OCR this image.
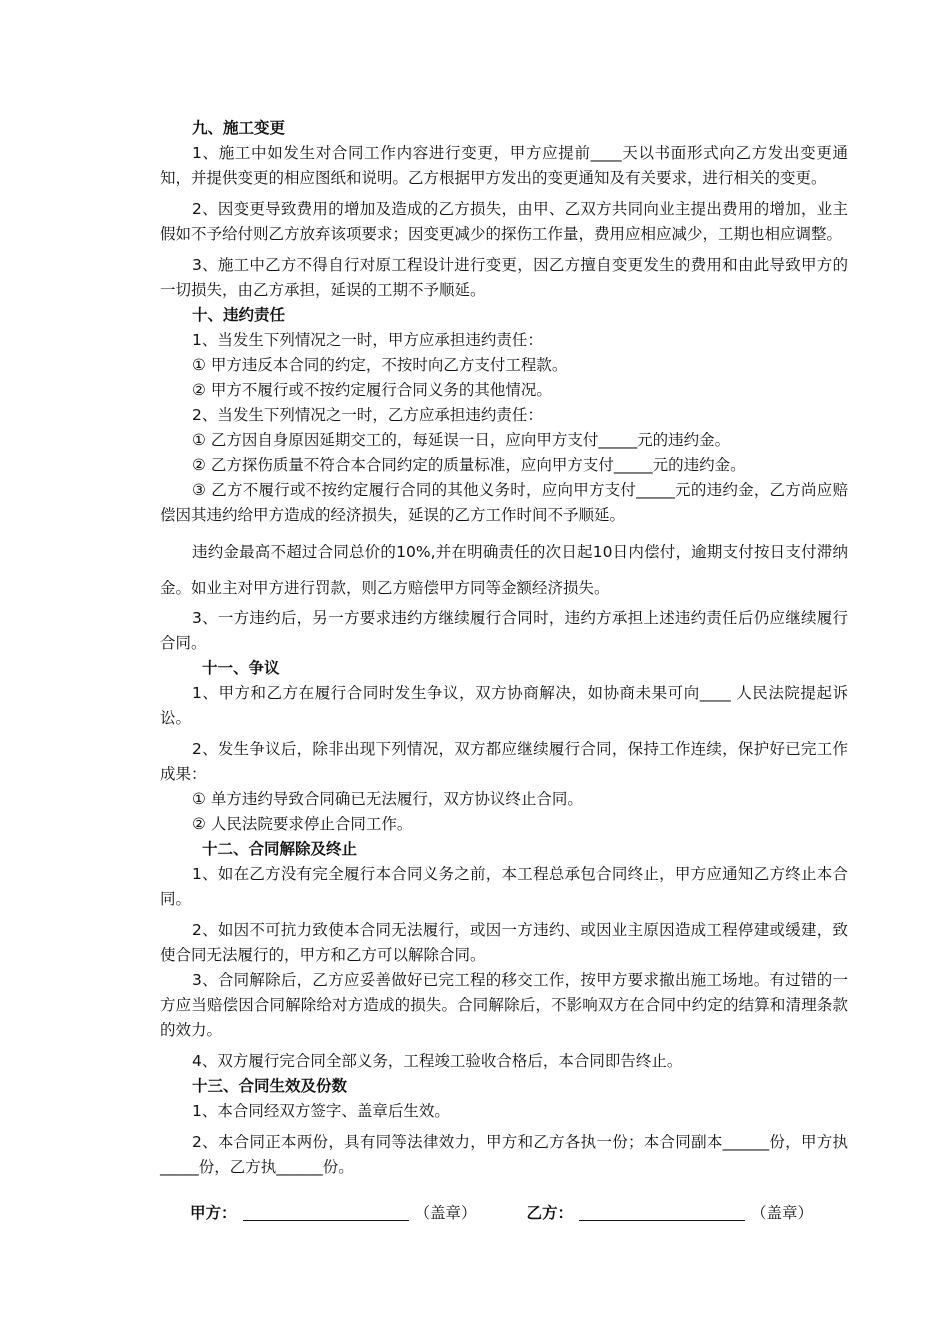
九、施工变更

1、施工中如发生对合同工作内容进行变更，甲方应提前____天以书面形式向乙方发出变更通知，并提供变更的相应图纸和说明。乙方根据甲方发出的变更通知及有关要求，进行相关的变更。

2、因变更导致费用的增加及造成的乙方损失，由甲、乙双方共同向业主提出费用的增加，业主假如不予给付则乙方放弃该项要求；因变更减少的探伤工作量，费用应相应减少，工期也相应调整。

3、施工中乙方不得自行对原工程设计进行变更，因乙方擅自变更发生的费用和由此导致甲方的一切损失，由乙方承担，延误的工期不予顺延。

十、违约责任

1、当发生下列情况之一时，甲方应承担违约责任：

① 甲方违反本合同的约定，不按时向乙方支付工程款。

② 甲方不履行或不按约定履行合同义务的其他情况。

2、当发生下列情况之一时，乙方应承担违约责任：

① 乙方因自身原因延期交工的，每延误一日，应向甲方支付_____元的违约金。

② 乙方探伤质量不符合本合同约定的质量标准，应向甲方支付_____元的违约金。

③ 乙方不履行或不按约定履行合同的其他义务时，应向甲方支付_____元的违约金，乙方尚应赔偿因其违约给甲方造成的经济损失，延误的乙方工作时间不予顺延。

违约金最高不超过合同总价的10%,并在明确责任的次日起10日内偿付，逾期支付按日支付滞纳金。如业主对甲方进行罚款，则乙方赔偿甲方同等金额经济损失。

3、一方违约后，另一方要求违约方继续履行合同时，违约方承担上述违约责任后仍应继续履行合同。

十一、争议

1、甲方和乙方在履行合同时发生争议，双方协商解决，如协商未果可向____ 人民法院提起诉讼。

2、发生争议后，除非出现下列情况，双方都应继续履行合同，保持工作连续，保护好已完工作成果：

① 单方违约导致合同确已无法履行，双方协议终止合同。

② 人民法院要求停止合同工作。

十二、合同解除及终止

1、如在乙方没有完全履行本合同义务之前，本工程总承包合同终止，甲方应通知乙方终止本合同。

2、如因不可抗力致使本合同无法履行，或因一方违约、或因业主原因造成工程停建或缓建，致使合同无法履行的，甲方和乙方可以解除合同。

3、合同解除后，乙方应妥善做好已完工程的移交工作，按甲方要求撤出施工场地。有过错的一方应当赔偿因合同解除给对方造成的损失。合同解除后，不影响双方在合同中约定的结算和清理条款的效力。

4、双方履行完合同全部义务，工程竣工验收合格后，本合同即告终止。

十三、合同生效及份数

1、本合同经双方签字、盖章后生效。

2、本合同正本两份，具有同等法律效力，甲方和乙方各执一份；本合同副本______份，甲方执_____份，乙方执______份。

甲方：	（盖章）	乙方：	（盖章）
